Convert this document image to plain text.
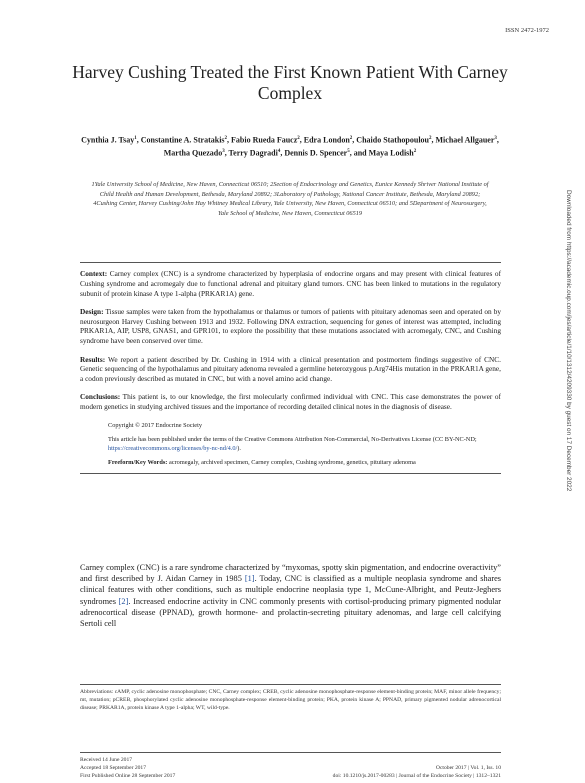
ISSN 2472-1972
Harvey Cushing Treated the First Known Patient With Carney Complex
Cynthia J. Tsay$^1$, Constantine A. Stratakis$^2$, Fabio Rueda Faucz$^2$, Edra London$^2$, Chaido Stathopoulou$^2$, Michael Allgauer$^3$, Martha Quezado$^3$, Terry Dagradi$^4$, Dennis D. Spencer$^5$, and Maya Lodish$^2$
1Yale University School of Medicine, New Haven, Connecticut 06510; 2Section of Endocrinology and Genetics, Eunice Kennedy Shriver National Institute of Child Health and Human Development, Bethesda, Maryland 20892; 3Laboratory of Pathology, National Cancer Institute, Bethesda, Maryland 20892; 4Cushing Center, Harvey Cushing/John Hay Whitney Medical Library, Yale University, New Haven, Connecticut 06510; and 5Department of Neurosurgery, Yale School of Medicine, New Haven, Connecticut 06519	Downloaded from https://academic.oup.com/jes/article/1/10/1312/4209330 by guest on 17 December 2022

Context: Carney complex (CNC) is a syndrome characterized by hyperplasia of endocrine organs and may present with clinical features of Cushing syndrome and acromegaly due to functional adrenal and pituitary gland tumors. CNC has been linked to mutations in the regulatory subunit of protein kinase A type 1-alpha (PRKAR1A) gene.

Design: Tissue samples were taken from the hypothalamus or thalamus or tumors of patients with pituitary adenomas seen and operated on by neurosurgeon Harvey Cushing between 1913 and 1932. Following DNA extraction, sequencing for genes of interest was attempted, including PRKAR1A, AIP, USP8, GNAS1, and GPR101, to explore the possibility that these mutations associated with acromegaly, CNC, and Cushing syndrome have been conserved over time.

Results: We report a patient described by Dr. Cushing in 1914 with a clinical presentation and postmortem findings suggestive of CNC. Genetic sequencing of the hypothalamus and pituitary adenoma revealed a germline heterozygous p.Arg74His mutation in the PRKAR1A gene, a codon previously described as mutated in CNC, but with a novel amino acid change.

Conclusions: This patient is, to our knowledge, the first molecularly confirmed individual with CNC. This case demonstrates the power of modern genetics in studying archived tissues and the importance of recording detailed clinical notes in the diagnosis of disease.

Copyright © 2017 Endocrine Society

This article has been published under the terms of the Creative Commons Attribution Non-Commercial, No-Derivatives License (CC BY-NC-ND; https://creativecommons.org/licenses/by-nc-nd/4.0/).

Freeform/Key Words: acromegaly, archived specimen, Carney complex, Cushing syndrome, genetics, pituitary adenoma

Carney complex (CNC) is a rare syndrome characterized by “myxomas, spotty skin pigmentation, and endocrine overactivity” and first described by J. Aidan Carney in 1985 [1]. Today, CNC is classified as a multiple neoplasia syndrome and shares clinical features with other conditions, such as multiple endocrine neoplasia type 1, McCune-Albright, and Peutz-Jeghers syndromes [2]. Increased endocrine activity in CNC commonly presents with cortisol-producing primary pigmented nodular adrenocortical disease (PPNAD), growth hormone- and prolactin-secreting pituitary adenomas, and large cell calcifying Sertoli cell
Abbreviations: cAMP, cyclic adenosine monophosphate; CNC, Carney complex; CREB, cyclic adenosine monophosphate-response element-binding protein; MAF, minor allele frequency; mt, mutation; pCREB, phosphorylated cyclic adenosine monophosphate-response element-binding protein; PKA, protein kinase A; PPNAD, primary pigmented nodular adrenocortical disease; PRKAR1A, protein kinase A type 1-alpha; WT, wild-type.
Received 14 June 2017
Accepted 18 September 2017
First Published Online 28 September 2017

October 2017 | Vol. 1, Iss. 10
doi: 10.1210/js.2017-00283 | Journal of the Endocrine Society | 1312–1321
